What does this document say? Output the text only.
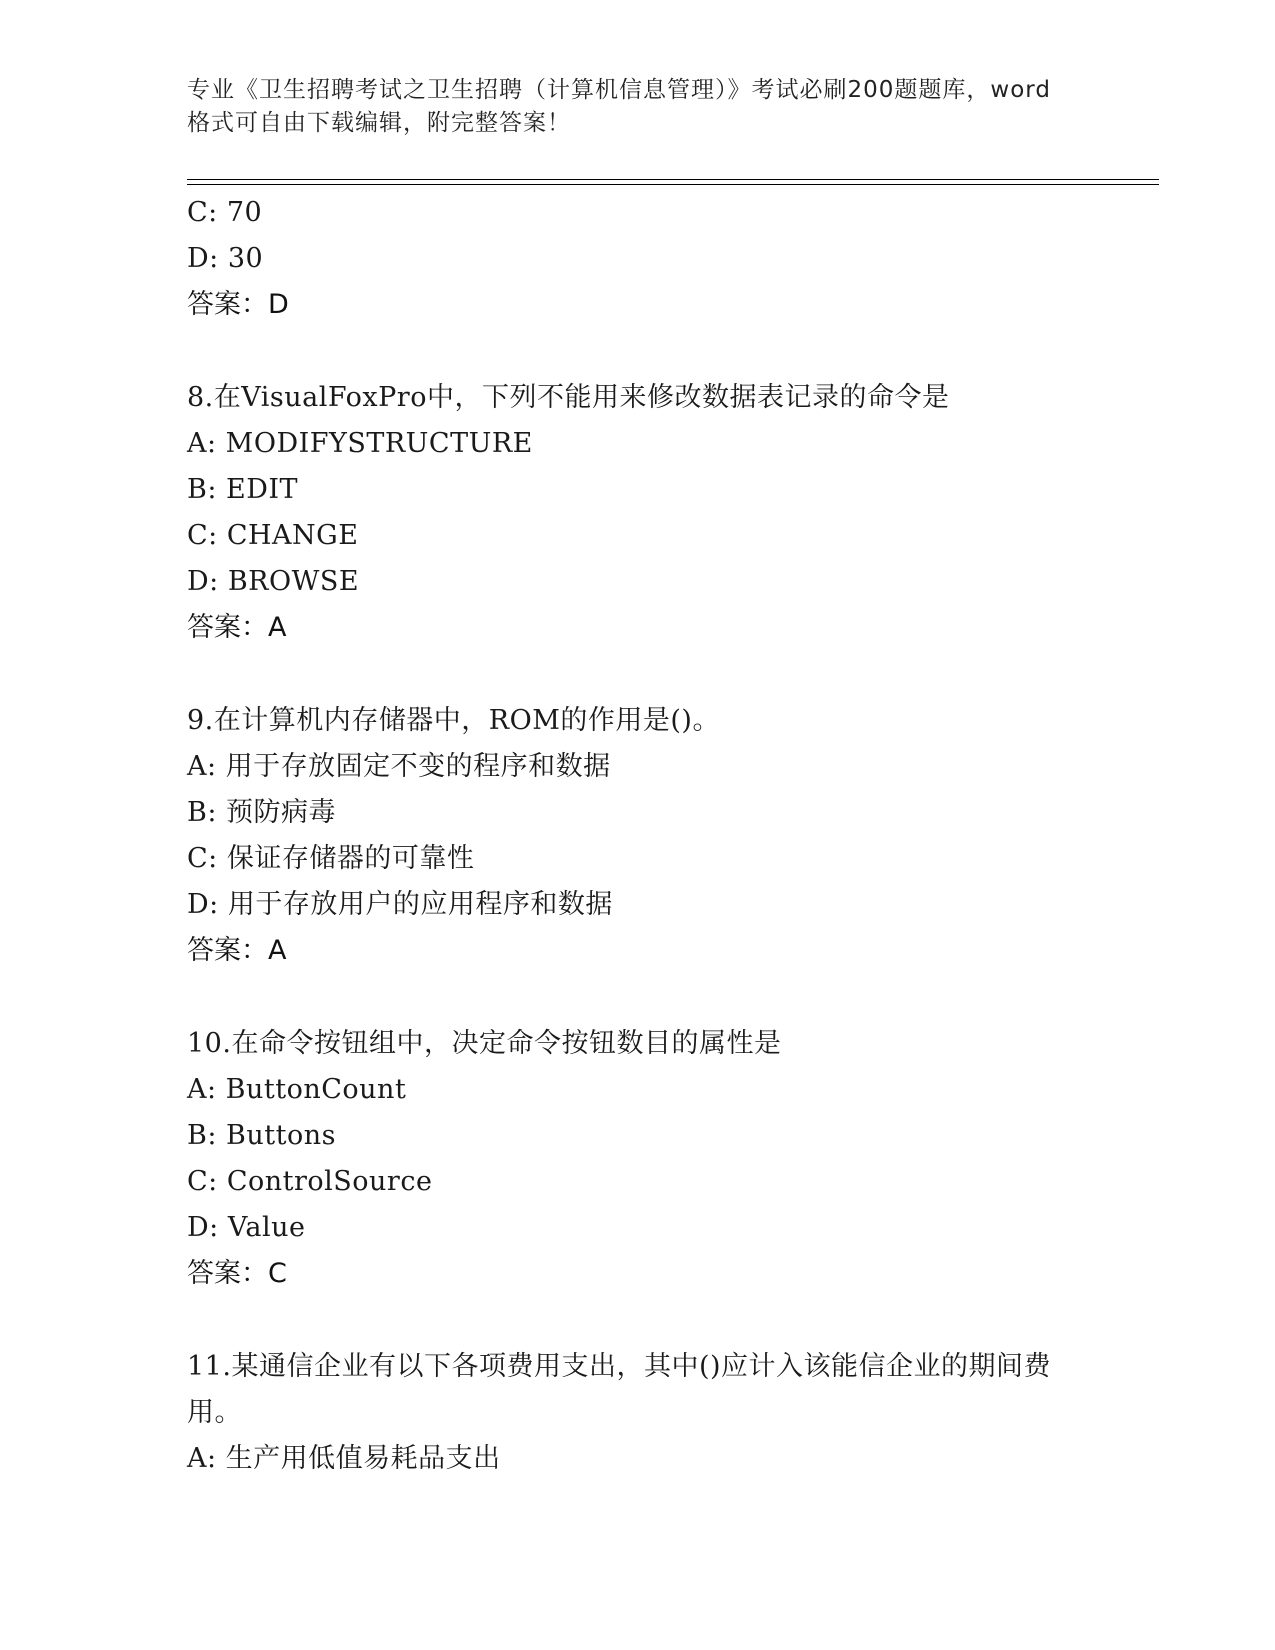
专业《卫生招聘考试之卫生招聘（计算机信息管理）》考试必刷200题题库，word
格式可自由下载编辑，附完整答案！
C: 70
D: 30
答案：D
8.在VisualFoxPro中，下列不能用来修改数据表记录的命令是
A: MODIFYSTRUCTURE
B: EDIT
C: CHANGE
D: BROWSE
答案：A
9.在计算机内存储器中，ROM的作用是()。
A: 用于存放固定不变的程序和数据
B: 预防病毒
C: 保证存储器的可靠性
D: 用于存放用户的应用程序和数据
答案：A
10.在命令按钮组中，决定命令按钮数目的属性是
A: ButtonCount
B: Buttons
C: ControlSource
D: Value
答案：C
11.某通信企业有以下各项费用支出，其中()应计入该能信企业的期间费用。
A: 生产用低值易耗品支出
